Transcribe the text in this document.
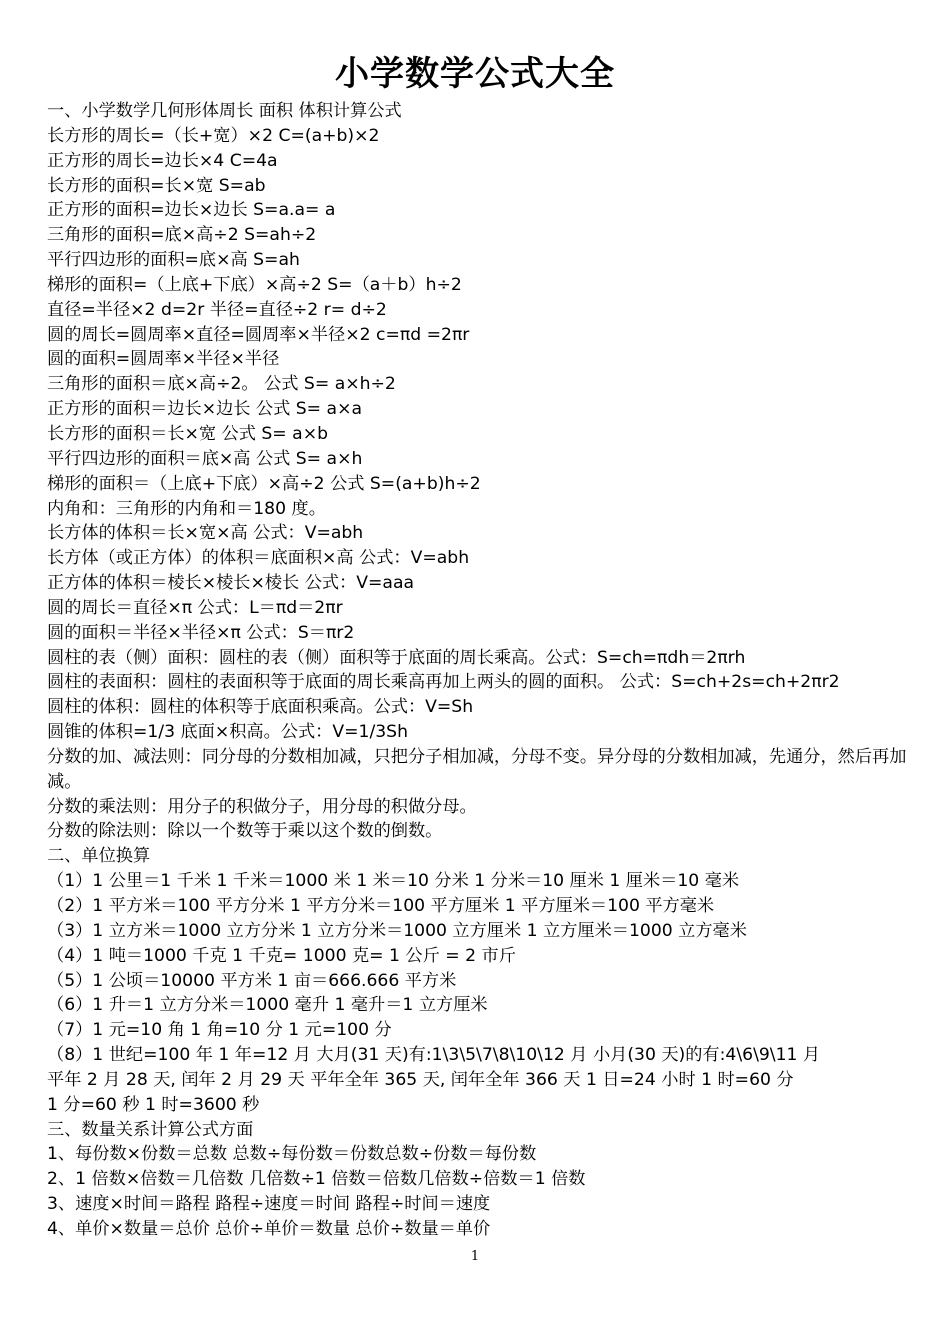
小学数学公式大全
一、小学数学几何形体周长 面积 体积计算公式
长方形的周长=（长+宽）×2 C=(a+b)×2
正方形的周长=边长×4 C=4a
长方形的面积=长×宽 S=ab
正方形的面积=边长×边长 S=a.a= a
三角形的面积=底×高÷2 S=ah÷2
平行四边形的面积=底×高 S=ah
梯形的面积=（上底+下底）×高÷2 S=（a＋b）h÷2
直径=半径×2 d=2r 半径=直径÷2 r= d÷2
圆的周长=圆周率×直径=圆周率×半径×2 c=πd =2πr
圆的面积=圆周率×半径×半径
三角形的面积＝底×高÷2。 公式 S= a×h÷2
正方形的面积＝边长×边长 公式 S= a×a
长方形的面积＝长×宽 公式 S= a×b
平行四边形的面积＝底×高 公式 S= a×h
梯形的面积＝（上底+下底）×高÷2 公式 S=(a+b)h÷2
内角和：三角形的内角和＝180 度。
长方体的体积＝长×宽×高 公式：V=abh
长方体（或正方体）的体积＝底面积×高 公式：V=abh
正方体的体积＝棱长×棱长×棱长 公式：V=aaa
圆的周长＝直径×π 公式：L＝πd＝2πr
圆的面积＝半径×半径×π 公式：S＝πr2
圆柱的表（侧）面积：圆柱的表（侧）面积等于底面的周长乘高。公式：S=ch=πdh＝2πrh
圆柱的表面积：圆柱的表面积等于底面的周长乘高再加上两头的圆的面积。 公式：S=ch+2s=ch+2πr2
圆柱的体积：圆柱的体积等于底面积乘高。公式：V=Sh
圆锥的体积=1/3 底面×积高。公式：V=1/3Sh
分数的加、减法则：同分母的分数相加减，只把分子相加减，分母不变。异分母的分数相加减，先通分，然后再加减。
分数的乘法则：用分子的积做分子，用分母的积做分母。
分数的除法则：除以一个数等于乘以这个数的倒数。
二、单位换算
（1）1 公里＝1 千米 1 千米＝1000 米 1 米＝10 分米 1 分米＝10 厘米 1 厘米＝10 毫米
（2）1 平方米＝100 平方分米 1 平方分米＝100 平方厘米 1 平方厘米＝100 平方毫米
（3）1 立方米＝1000 立方分米 1 立方分米＝1000 立方厘米 1 立方厘米＝1000 立方毫米
（4）1 吨＝1000 千克 1 千克= 1000 克= 1 公斤 = 2 市斤
（5）1 公顷＝10000 平方米 1 亩＝666.666 平方米
（6）1 升＝1 立方分米＝1000 毫升 1 毫升＝1 立方厘米
（7）1 元=10 角 1 角=10 分 1 元=100 分
（8）1 世纪=100 年 1 年=12 月 大月(31 天)有:1\3\5\7\8\10\12 月 小月(30 天)的有:4\6\9\11 月
平年 2 月 28 天, 闰年 2 月 29 天 平年全年 365 天, 闰年全年 366 天 1 日=24 小时 1 时=60 分
1 分=60 秒 1 时=3600 秒
三、数量关系计算公式方面
1、每份数×份数＝总数 总数÷每份数＝份数总数÷份数＝每份数
2、1 倍数×倍数＝几倍数 几倍数÷1 倍数＝倍数几倍数÷倍数＝1 倍数
3、速度×时间＝路程 路程÷速度＝时间 路程÷时间＝速度
4、单价×数量＝总价 总价÷单价＝数量 总价÷数量＝单价
1
